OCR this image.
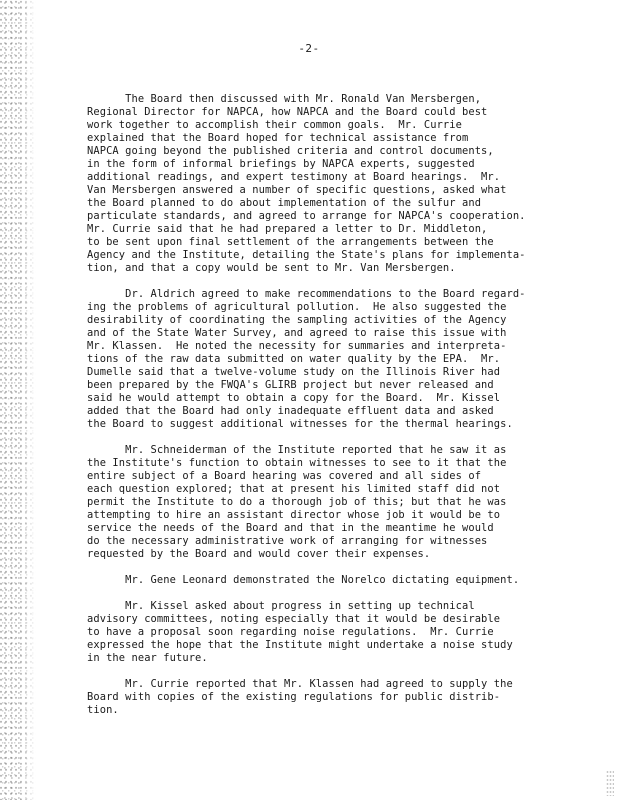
-2-
The Board then discussed with Mr. Ronald Van Mersbergen,
Regional Director for NAPCA, how NAPCA and the Board could best
work together to accomplish their common goals.  Mr. Currie
explained that the Board hoped for technical assistance from
NAPCA going beyond the published criteria and control documents,
in the form of informal briefings by NAPCA experts, suggested
additional readings, and expert testimony at Board hearings.  Mr.
Van Mersbergen answered a number of specific questions, asked what
the Board planned to do about implementation of the sulfur and
particulate standards, and agreed to arrange for NAPCA's cooperation.
Mr. Currie said that he had prepared a letter to Dr. Middleton,
to be sent upon final settlement of the arrangements between the
Agency and the Institute, detailing the State's plans for implementa-
tion, and that a copy would be sent to Mr. Van Mersbergen.
Dr. Aldrich agreed to make recommendations to the Board regard-
ing the problems of agricultural pollution.  He also suggested the
desirability of coordinating the sampling activities of the Agency
and of the State Water Survey, and agreed to raise this issue with
Mr. Klassen.  He noted the necessity for summaries and interpreta-
tions of the raw data submitted on water quality by the EPA.  Mr.
Dumelle said that a twelve-volume study on the Illinois River had
been prepared by the FWQA's GLIRB project but never released and
said he would attempt to obtain a copy for the Board.  Mr. Kissel
added that the Board had only inadequate effluent data and asked
the Board to suggest additional witnesses for the thermal hearings.
Mr. Schneiderman of the Institute reported that he saw it as
the Institute's function to obtain witnesses to see to it that the
entire subject of a Board hearing was covered and all sides of
each question explored; that at present his limited staff did not
permit the Institute to do a thorough job of this; but that he was
attempting to hire an assistant director whose job it would be to
service the needs of the Board and that in the meantime he would
do the necessary administrative work of arranging for witnesses
requested by the Board and would cover their expenses.
Mr. Gene Leonard demonstrated the Norelco dictating equipment.
Mr. Kissel asked about progress in setting up technical
advisory committees, noting especially that it would be desirable
to have a proposal soon regarding noise regulations.  Mr. Currie
expressed the hope that the Institute might undertake a noise study
in the near future.
Mr. Currie reported that Mr. Klassen had agreed to supply the
Board with copies of the existing regulations for public distrib-
tion.
